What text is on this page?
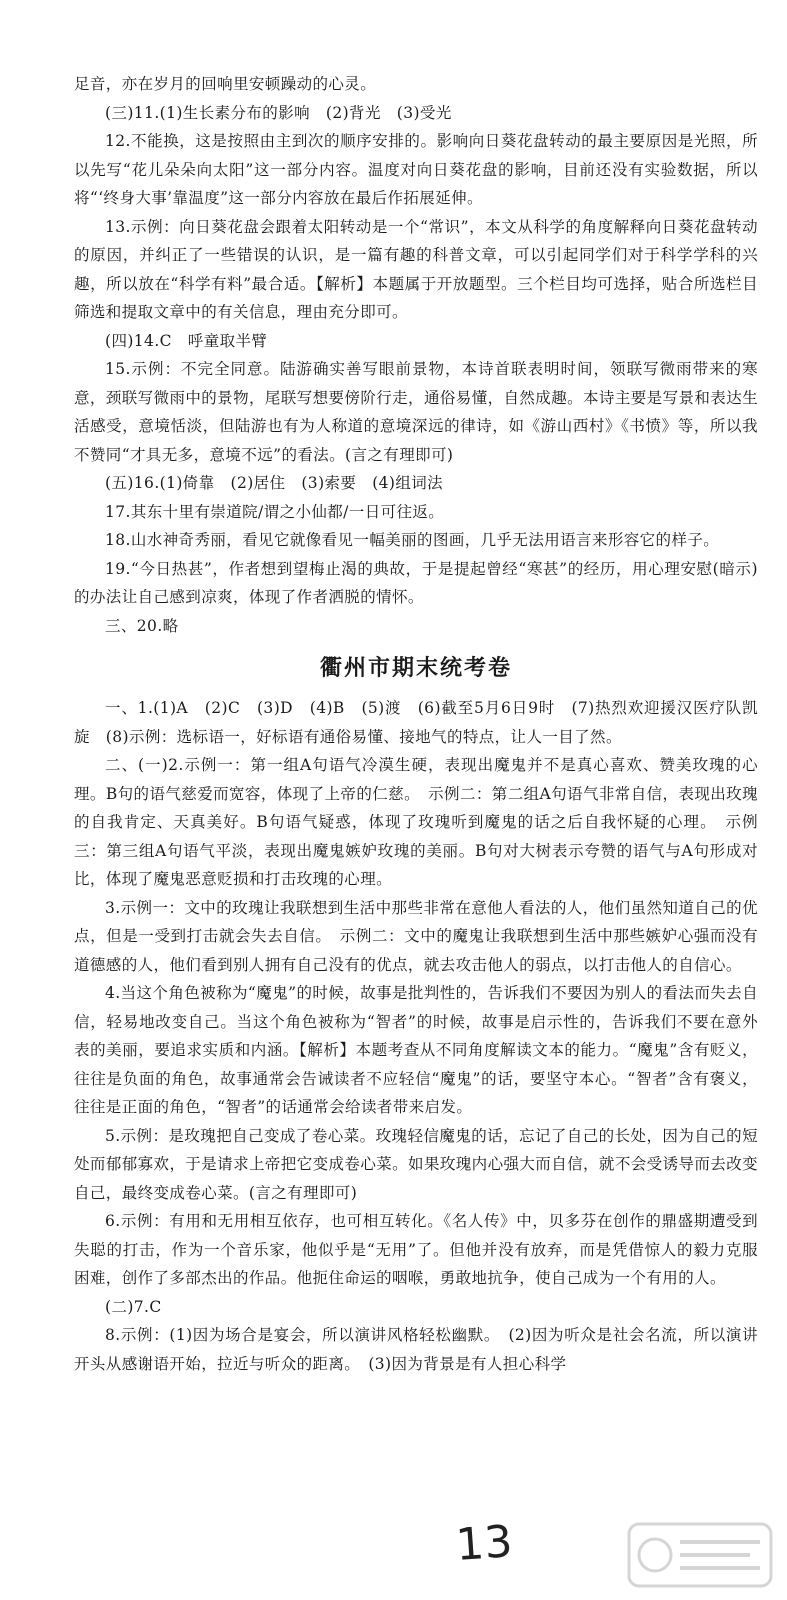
足音，亦在岁月的回响里安顿躁动的心灵。

(三)11.(1)生长素分布的影响　(2)背光　(3)受光

12.不能换，这是按照由主到次的顺序安排的。影响向日葵花盘转动的最主要原因是光照，所以先写“花儿朵朵向太阳”这一部分内容。温度对向日葵花盘的影响，目前还没有实验数据，所以将“‘终身大事’靠温度”这一部分内容放在最后作拓展延伸。

13.示例：向日葵花盘会跟着太阳转动是一个“常识”，本文从科学的角度解释向日葵花盘转动的原因，并纠正了一些错误的认识，是一篇有趣的科普文章，可以引起同学们对于科学学科的兴趣，所以放在“科学有料”最合适。【解析】本题属于开放题型。三个栏目均可选择，贴合所选栏目筛选和提取文章中的有关信息，理由充分即可。

(四)14.C　呼童取半臂

15.示例：不完全同意。陆游确实善写眼前景物，本诗首联表明时间，领联写微雨带来的寒意，颈联写微雨中的景物，尾联写想要傍阶行走，通俗易懂，自然成趣。本诗主要是写景和表达生活感受，意境恬淡，但陆游也有为人称道的意境深远的律诗，如《游山西村》《书愤》等，所以我不赞同“才具无多，意境不远”的看法。(言之有理即可)

(五)16.(1)倚靠　(2)居住　(3)索要　(4)组词法

17.其东十里有崇道院/谓之小仙都/一日可往返。

18.山水神奇秀丽，看见它就像看见一幅美丽的图画，几乎无法用语言来形容它的样子。

19.“今日热甚”，作者想到望梅止渴的典故，于是提起曾经“寒甚”的经历，用心理安慰(暗示)的办法让自己感到凉爽，体现了作者洒脱的情怀。

三、20.略

衢州市期末统考卷

一、1.(1)A　(2)C　(3)D　(4)B　(5)渡　(6)截至5月6日9时　(7)热烈欢迎援汉医疗队凯旋　(8)示例：选标语一，好标语有通俗易懂、接地气的特点，让人一目了然。

二、(一)2.示例一：第一组A句语气冷漠生硬，表现出魔鬼并不是真心喜欢、赞美玫瑰的心理。B句的语气慈爱而宽容，体现了上帝的仁慈。　示例二：第二组A句语气非常自信，表现出玫瑰的自我肯定、天真美好。B句语气疑惑，体现了玫瑰听到魔鬼的话之后自我怀疑的心理。　示例三：第三组A句语气平淡，表现出魔鬼嫉妒玫瑰的美丽。B句对大树表示夸赞的语气与A句形成对比，体现了魔鬼恶意贬损和打击玫瑰的心理。

3.示例一：文中的玫瑰让我联想到生活中那些非常在意他人看法的人，他们虽然知道自己的优点，但是一受到打击就会失去自信。　示例二：文中的魔鬼让我联想到生活中那些嫉妒心强而没有道德感的人，他们看到别人拥有自己没有的优点，就去攻击他人的弱点，以打击他人的自信心。

4.当这个角色被称为“魔鬼”的时候，故事是批判性的，告诉我们不要因为别人的看法而失去自信，轻易地改变自己。当这个角色被称为“智者”的时候，故事是启示性的，告诉我们不要在意外表的美丽，要追求实质和内涵。【解析】本题考查从不同角度解读文本的能力。“魔鬼”含有贬义，往往是负面的角色，故事通常会告诫读者不应轻信“魔鬼”的话，要坚守本心。“智者”含有褒义，往往是正面的角色，“智者”的话通常会给读者带来启发。

5.示例：是玫瑰把自己变成了卷心菜。玫瑰轻信魔鬼的话，忘记了自己的长处，因为自己的短处而郁郁寡欢，于是请求上帝把它变成卷心菜。如果玫瑰内心强大而自信，就不会受诱导而去改变自己，最终变成卷心菜。(言之有理即可)

6.示例：有用和无用相互依存，也可相互转化。《名人传》中，贝多芬在创作的鼎盛期遭受到失聪的打击，作为一个音乐家，他似乎是“无用”了。但他并没有放弃，而是凭借惊人的毅力克服困难，创作了多部杰出的作品。他扼住命运的咽喉，勇敢地抗争，使自己成为一个有用的人。

(二)7.C

8.示例：(1)因为场合是宴会，所以演讲风格轻松幽默。　(2)因为听众是社会名流，所以演讲开头从感谢语开始，拉近与听众的距离。　(3)因为背景是有人担心科学

13
